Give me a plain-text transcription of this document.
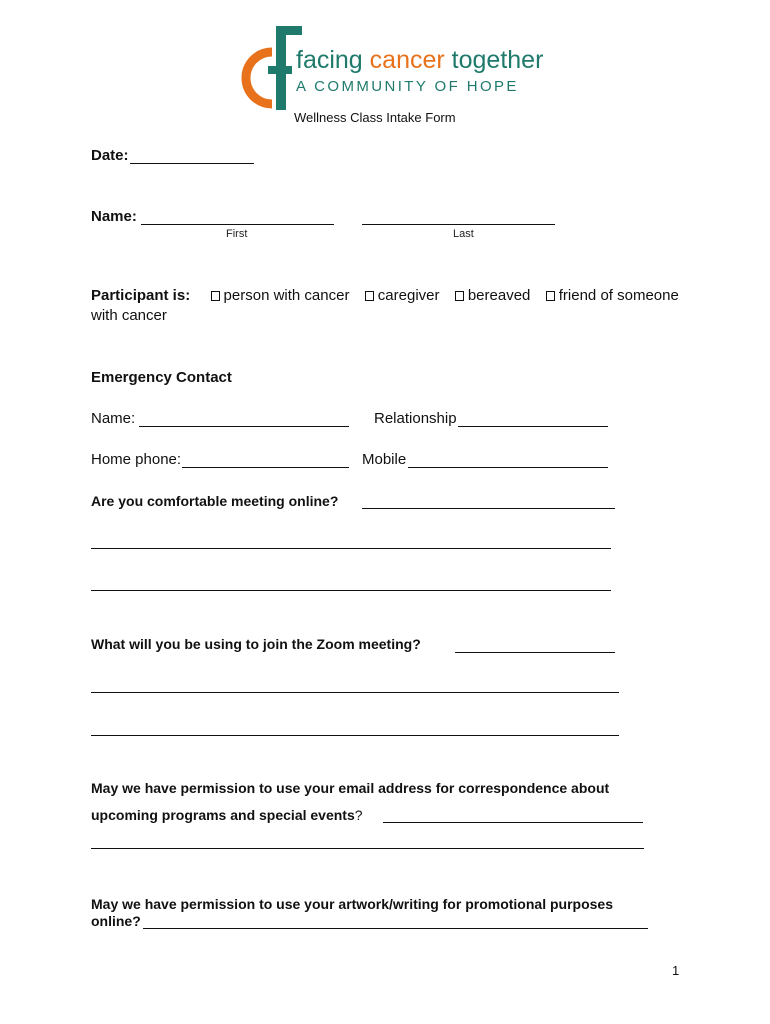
facing cancer together
A COMMUNITY OF HOPE
Wellness Class Intake Form
Date:
Name:
First	Last
Participant is: person with cancer caregiver bereaved friend of someone
with cancer
Emergency Contact
Name:	Relationship
Home phone:	Mobile
Are you comfortable meeting online?
What will you be using to join the Zoom meeting?
May we have permission to use your email address for correspondence about
upcoming programs and special events?
May we have permission to use your artwork/writing for promotional purposes
online?
1
